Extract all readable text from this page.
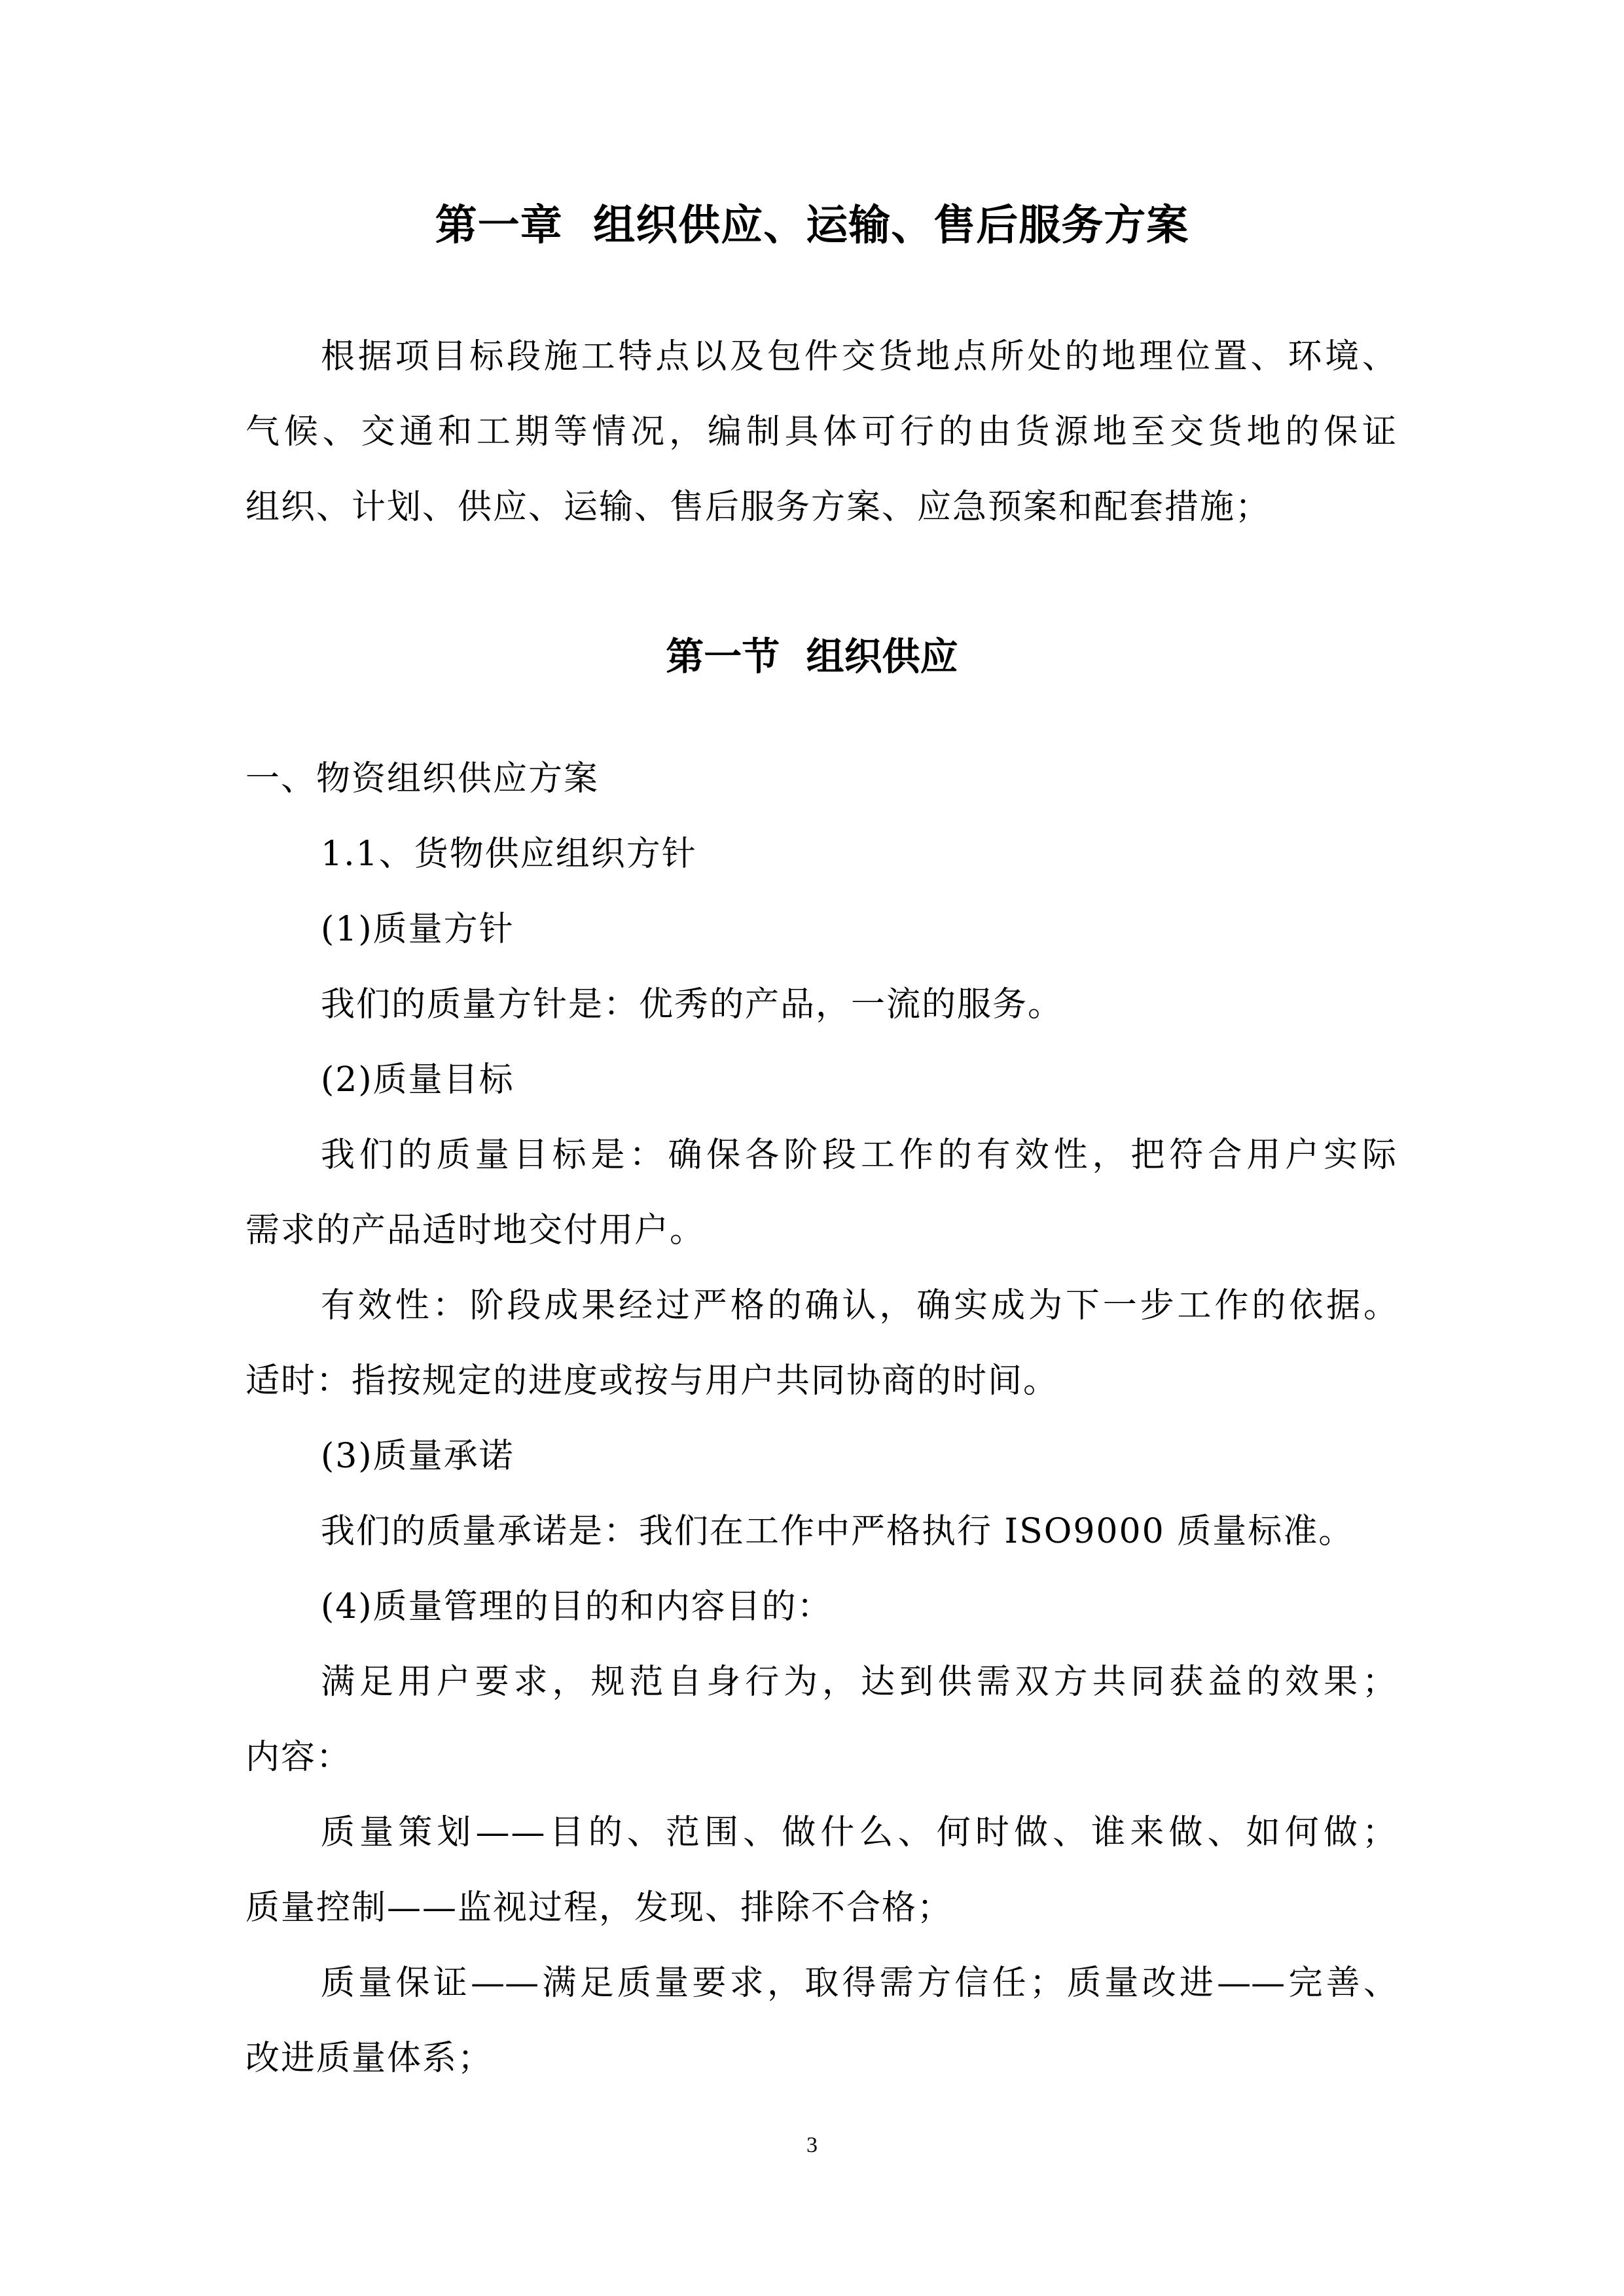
第一章  组织供应、运输、售后服务方案
根据项目标段施工特点以及包件交货地点所处的地理位置、环境、
气候、交通和工期等情况，编制具体可行的由货源地至交货地的保证
组织、计划、供应、运输、售后服务方案、应急预案和配套措施；
第一节  组织供应
一、物资组织供应方案
1.1、货物供应组织方针
(1)质量方针
我们的质量方针是：优秀的产品，一流的服务。
(2)质量目标
我们的质量目标是：确保各阶段工作的有效性，把符合用户实际
需求的产品适时地交付用户。
有效性：阶段成果经过严格的确认，确实成为下一步工作的依据。
适时：指按规定的进度或按与用户共同协商的时间。
(3)质量承诺
我们的质量承诺是：我们在工作中严格执行 ISO9000 质量标准。
(4)质量管理的目的和内容目的：
满足用户要求，规范自身行为，达到供需双方共同获益的效果；
内容：
质量策划——目的、范围、做什么、何时做、谁来做、如何做；
质量控制——监视过程，发现、排除不合格；
质量保证——满足质量要求，取得需方信任；质量改进——完善、
改进质量体系；
3
